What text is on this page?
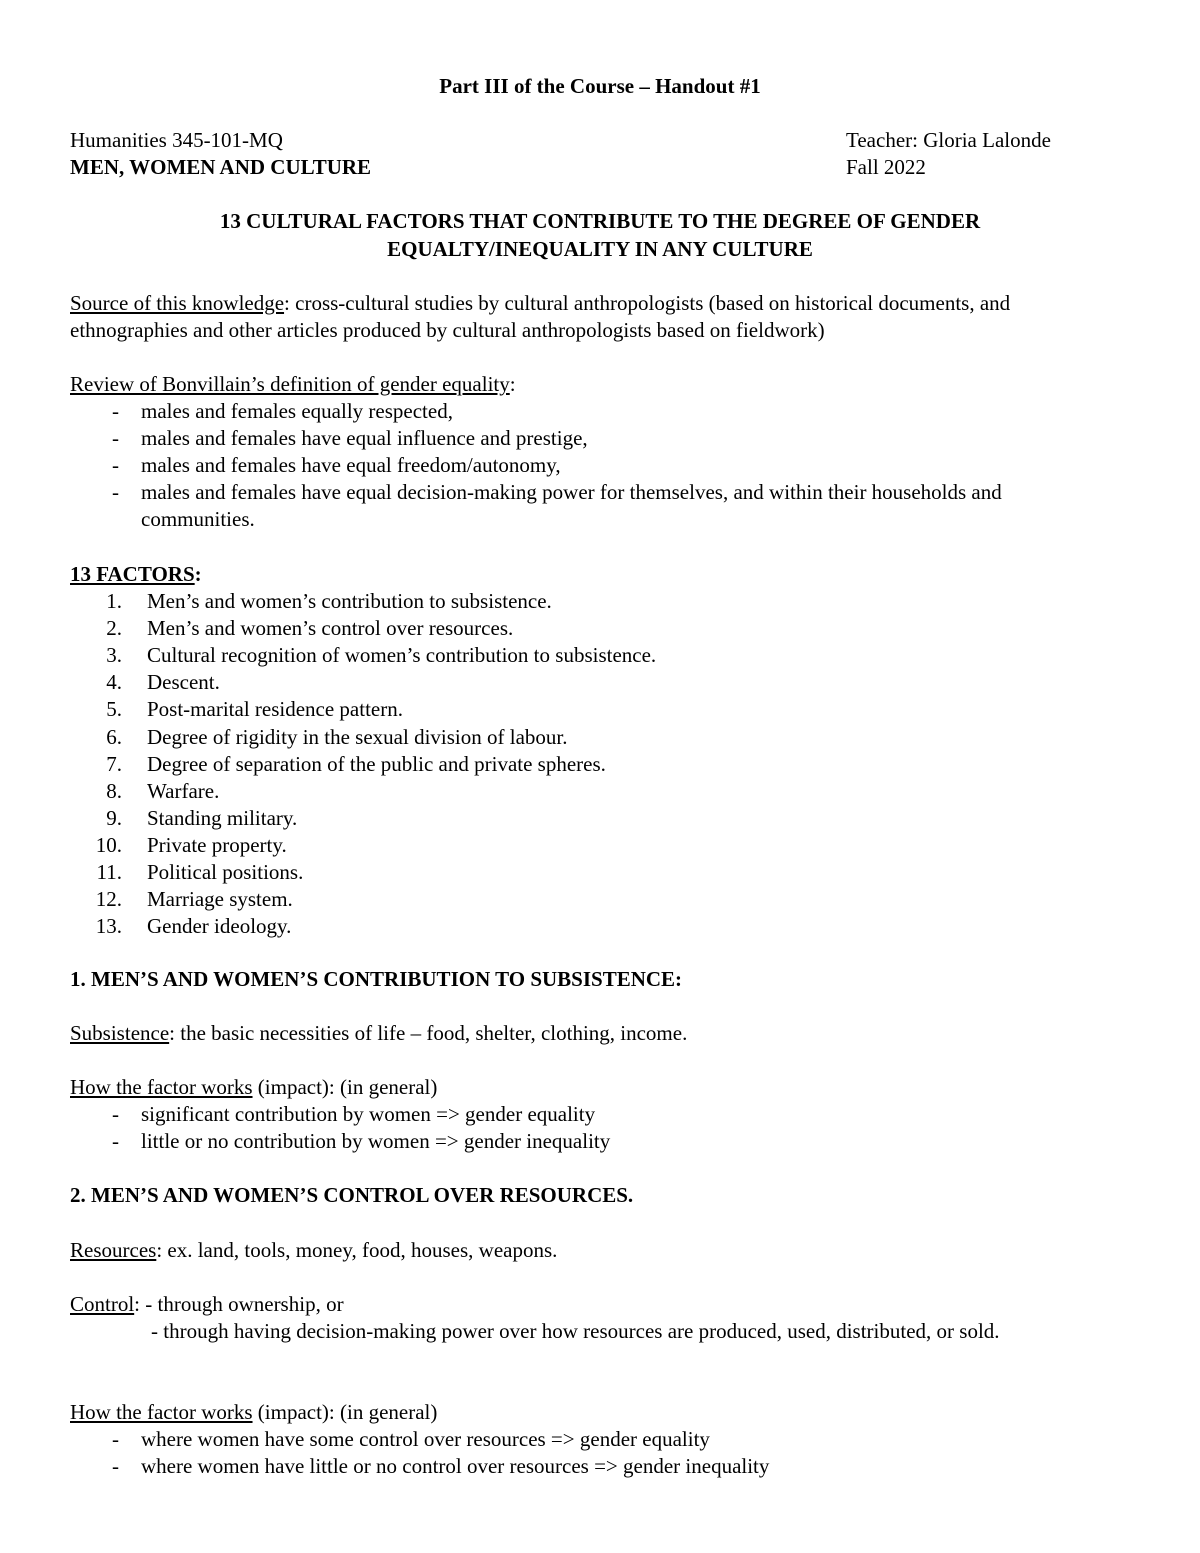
Part III of the Course – Handout #1
Humanities 345-101-MQ	Teacher: Gloria Lalonde
MEN, WOMEN AND CULTURE	Fall 2022
13 CULTURAL FACTORS THAT CONTRIBUTE TO THE DEGREE OF GENDER
EQUALTY/INEQUALITY IN ANY CULTURE
Source of this knowledge: cross-cultural studies by cultural anthropologists (based on historical documents, and
ethnographies and other articles produced by cultural anthropologists based on fieldwork)
Review of Bonvillain’s definition of gender equality:
- males and females equally respected,
- males and females have equal influence and prestige,
- males and females have equal freedom/autonomy,
- males and females have equal decision-making power for themselves, and within their households and
communities.
13 FACTORS:
1. Men’s and women’s contribution to subsistence.
2. Men’s and women’s control over resources.
3. Cultural recognition of women’s contribution to subsistence.
4. Descent.
5. Post-marital residence pattern.
6. Degree of rigidity in the sexual division of labour.
7. Degree of separation of the public and private spheres.
8. Warfare.
9. Standing military.
10. Private property.
11. Political positions.
12. Marriage system.
13. Gender ideology.
1. MEN’S AND WOMEN’S CONTRIBUTION TO SUBSISTENCE:
Subsistence: the basic necessities of life – food, shelter, clothing, income.
How the factor works (impact): (in general)
- significant contribution by women => gender equality
- little or no contribution by women => gender inequality
2. MEN’S AND WOMEN’S CONTROL OVER RESOURCES.
Resources: ex. land, tools, money, food, houses, weapons.
Control: - through ownership, or
- through having decision-making power over how resources are produced, used, distributed, or sold.
How the factor works (impact): (in general)
- where women have some control over resources => gender equality
- where women have little or no control over resources => gender inequality
